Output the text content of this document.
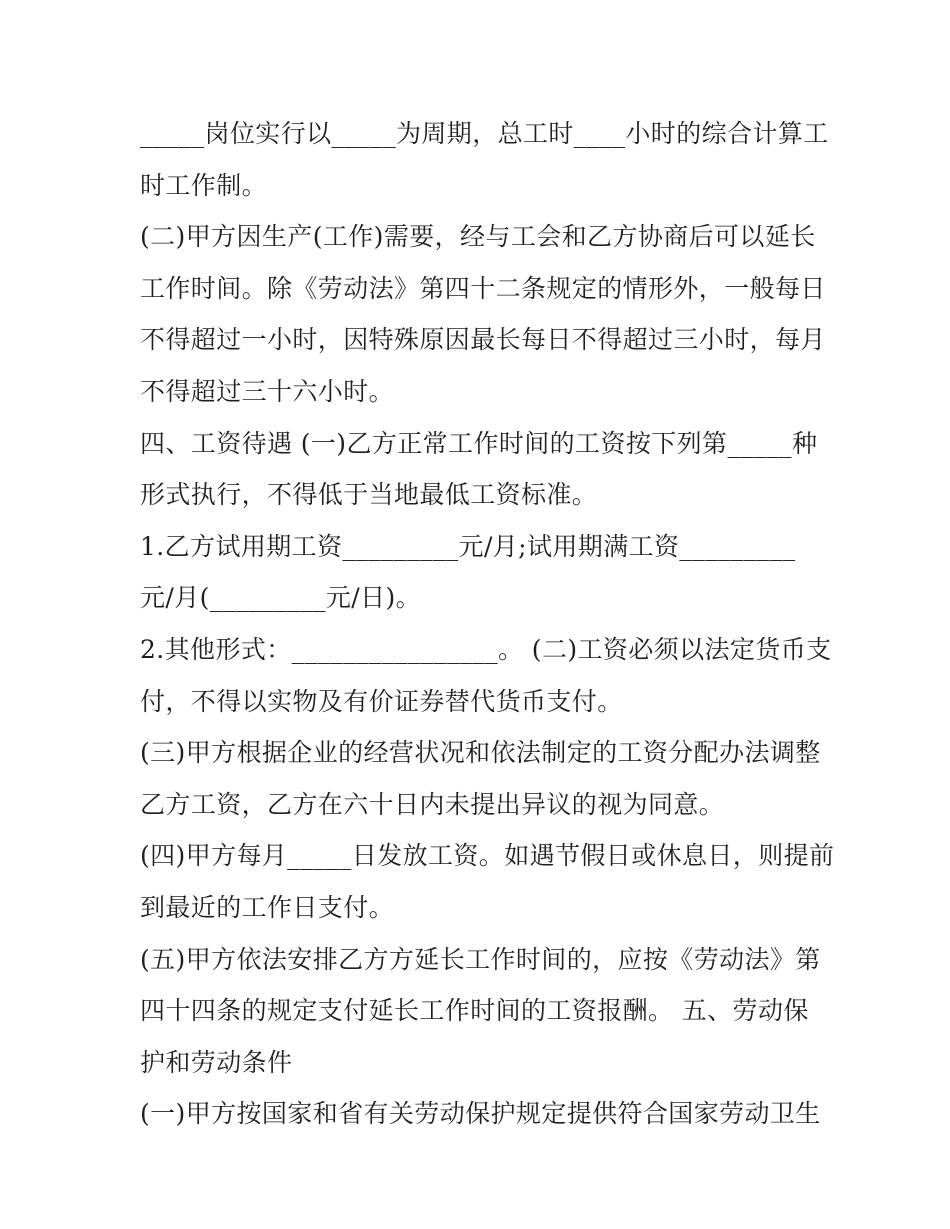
_____岗位实行以_____为周期，总工时____小时的综合计算工
时工作制。
(二)甲方因生产(工作)需要，经与工会和乙方协商后可以延长
工作时间。除《劳动法》第四十二条规定的情形外，一般每日
不得超过一小时，因特殊原因最长每日不得超过三小时，每月
不得超过三十六小时。
四、工资待遇 (一)乙方正常工作时间的工资按下列第_____种
形式执行，不得低于当地最低工资标准。
1.乙方试用期工资_________元/月;试用期满工资_________
元/月(_________元/日)。
2.其他形式：________________。 (二)工资必须以法定货币支
付，不得以实物及有价证券替代货币支付。
(三)甲方根据企业的经营状况和依法制定的工资分配办法调整
乙方工资，乙方在六十日内未提出异议的视为同意。
(四)甲方每月_____日发放工资。如遇节假日或休息日，则提前
到最近的工作日支付。
(五)甲方依法安排乙方方延长工作时间的，应按《劳动法》第
四十四条的规定支付延长工作时间的工资报酬。 五、劳动保
护和劳动条件
(一)甲方按国家和省有关劳动保护规定提供符合国家劳动卫生
